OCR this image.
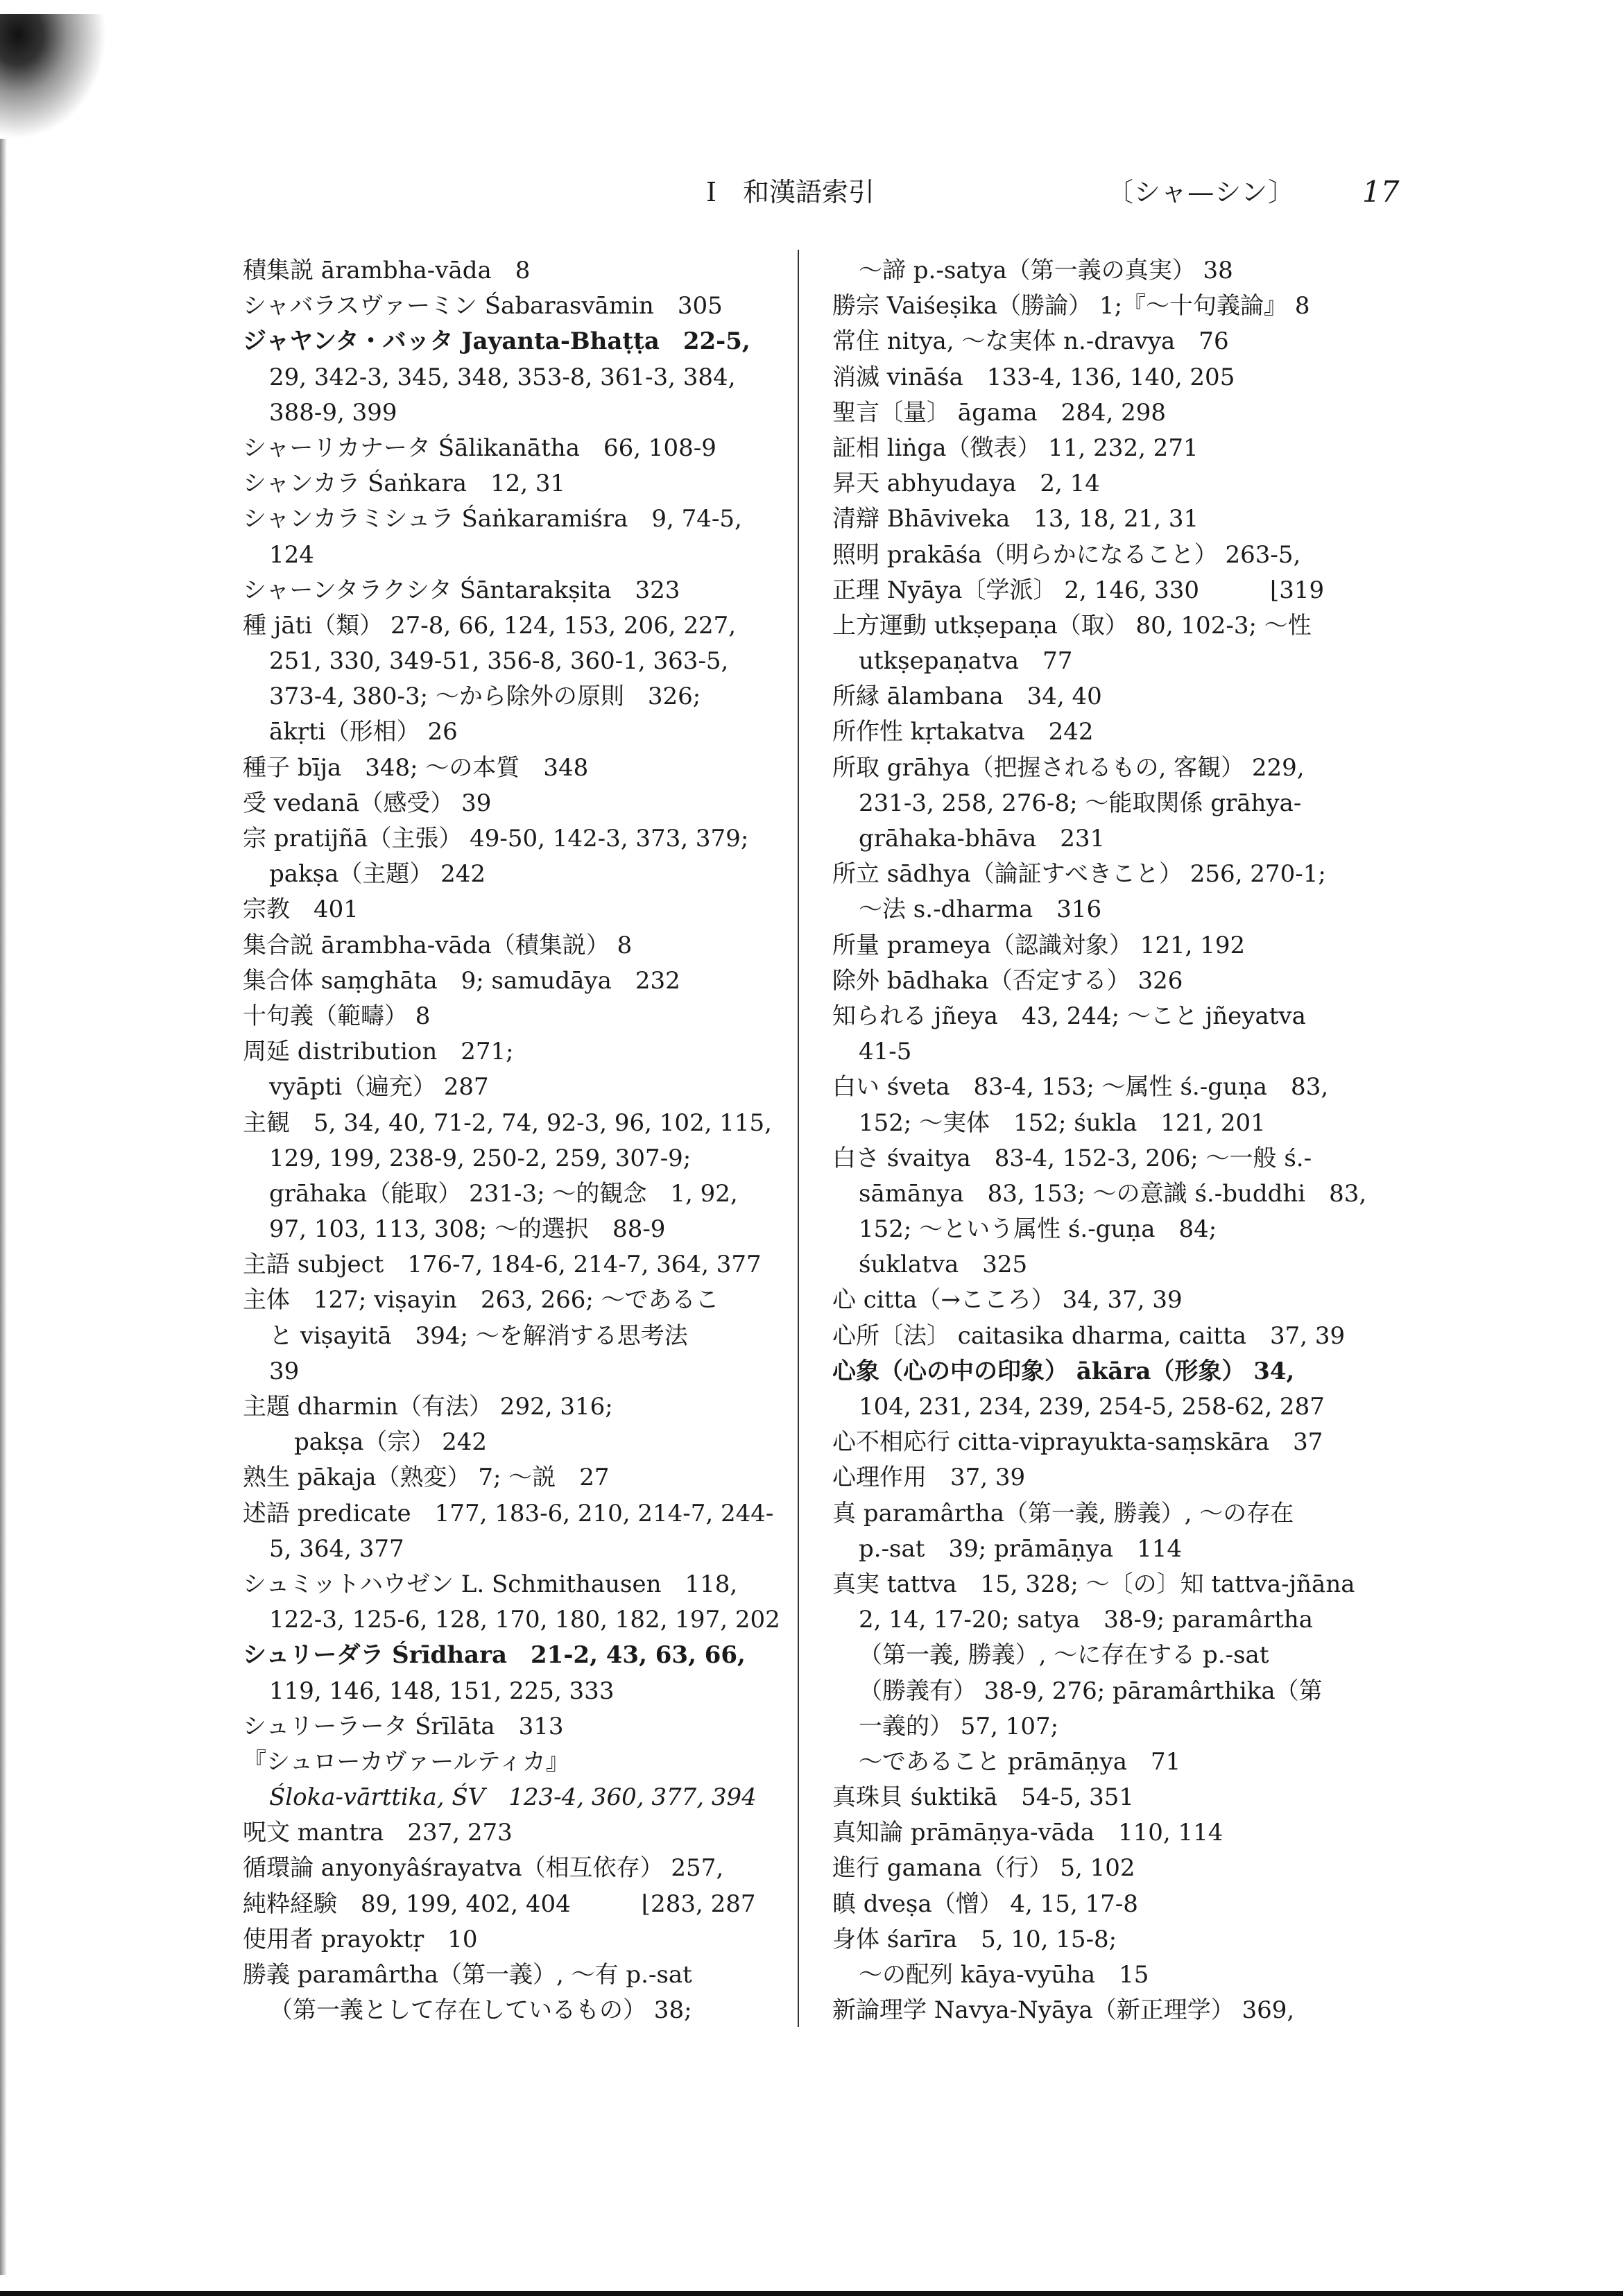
I　和漢語索引	〔シャ—シン〕 17
積集説 ārambha-vāda　8
シャバラスヴァーミン Śabarasvāmin　305
ジャヤンタ・バッタ Jayanta-Bhaṭṭa　22-5,
29, 342-3, 345, 348, 353-8, 361-3, 384,
388-9, 399
シャーリカナータ Śālikanātha　66, 108-9
シャンカラ Śaṅkara　12, 31
シャンカラミシュラ Śaṅkaramiśra　9, 74-5,
124
シャーンタラクシタ Śāntarakṣita　323
種 jāti（類） 27-8, 66, 124, 153, 206, 227,
251, 330, 349-51, 356-8, 360-1, 363-5,
373-4, 380-3; ～から除外の原則　326;
ākṛti（形相） 26
種子 bīja　348; ～の本質　348
受 vedanā（感受） 39
宗 pratijñā（主張） 49-50, 142-3, 373, 379;
pakṣa（主題） 242
宗教　401
集合説 ārambha-vāda（積集説） 8
集合体 saṃghāta　9; samudāya　232
十句義（範疇） 8
周延 distribution　271;
vyāpti（遍充） 287
主観　5, 34, 40, 71-2, 74, 92-3, 96, 102, 115,
129, 199, 238-9, 250-2, 259, 307-9;
grāhaka（能取） 231-3; ～的観念　1, 92,
97, 103, 113, 308; ～的選択　88-9
主語 subject　176-7, 184-6, 214-7, 364, 377
主体　127; viṣayin　263, 266; ～であるこ
と viṣayitā　394; ～を解消する思考法
39
主題 dharmin（有法） 292, 316;
pakṣa（宗） 242
熟生 pākaja（熟変） 7; ～説　27
述語 predicate　177, 183-6, 210, 214-7, 244-
5, 364, 377
シュミットハウゼン L. Schmithausen　118,
122-3, 125-6, 128, 170, 180, 182, 197, 202
シュリーダラ Śrīdhara　21-2, 43, 63, 66,
119, 146, 148, 151, 225, 333
シュリーラータ Śrīlāta　313
『シュローカヴァールティカ』
Śloka-vārttika, ŚV　123-4, 360, 377, 394
呪文 mantra　237, 273
循環論 anyonyâśrayatva（相互依存） 257,
純粋経験　89, 199, 402, 404　　　⌊283, 287
使用者 prayoktṛ　10
勝義 paramârtha（第一義）, ～有 p.-sat
（第一義として存在しているもの） 38;
～諦 p.-satya（第一義の真実） 38
勝宗 Vaiśeṣika（勝論） 1;『～十句義論』 8
常住 nitya, ～な実体 n.-dravya　76
消滅 vināśa　133-4, 136, 140, 205
聖言〔量〕 āgama　284, 298
証相 liṅga（徴表） 11, 232, 271
昇天 abhyudaya　2, 14
清辯 Bhāviveka　13, 18, 21, 31
照明 prakāśa（明らかになること） 263-5,
正理 Nyāya〔学派〕 2, 146, 330　　　⌊319
上方運動 utkṣepaṇa（取） 80, 102-3; ～性
utkṣepaṇatva　77
所縁 ālambana　34, 40
所作性 kṛtakatva　242
所取 grāhya（把握されるもの, 客観） 229,
231-3, 258, 276-8; ～能取関係 grāhya-
grāhaka-bhāva　231
所立 sādhya（論証すべきこと） 256, 270-1;
～法 s.-dharma　316
所量 prameya（認識対象） 121, 192
除外 bādhaka（否定する） 326
知られる jñeya　43, 244; ～こと jñeyatva
41-5
白い śveta　83-4, 153; ～属性 ś.-guṇa　83,
152; ～実体　152; śukla　121, 201
白さ śvaitya　83-4, 152-3, 206; ～一般 ś.-
sāmānya　83, 153; ～の意識 ś.-buddhi　83,
152; ～という属性 ś.-guṇa　84;
śuklatva　325
心 citta（→こころ） 34, 37, 39
心所〔法〕 caitasika dharma, caitta　37, 39
心象（心の中の印象） ākāra（形象） 34,
104, 231, 234, 239, 254-5, 258-62, 287
心不相応行 citta-viprayukta-saṃskāra　37
心理作用　37, 39
真 paramârtha（第一義, 勝義）, ～の存在
p.-sat　39; prāmāṇya　114
真実 tattva　15, 328; ～〔の〕知 tattva-jñāna
2, 14, 17-20; satya　38-9; paramârtha
（第一義, 勝義）, ～に存在する p.-sat
（勝義有） 38-9, 276; pāramârthika（第
一義的） 57, 107;
～であること prāmāṇya　71
真珠貝 śuktikā　54-5, 351
真知論 prāmāṇya-vāda　110, 114
進行 gamana（行） 5, 102
瞋 dveṣa（憎） 4, 15, 17-8
身体 śarīra　5, 10, 15-8;
～の配列 kāya-vyūha　15
新論理学 Navya-Nyāya（新正理学） 369,
